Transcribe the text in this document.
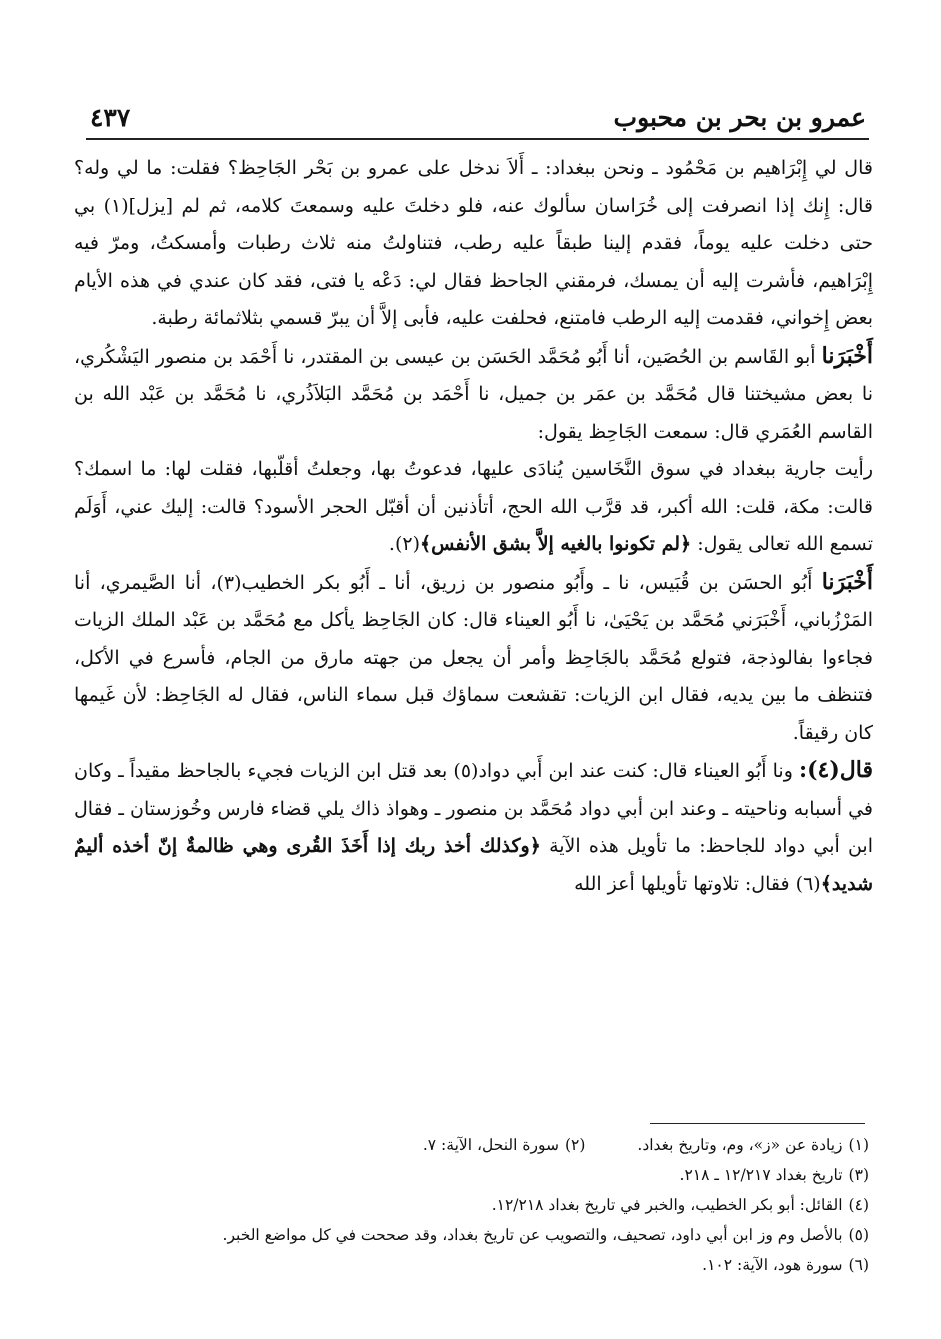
٤٣٧	عمرو بن بحر بن محبوب

قال لي إِبْرَاهيم بن مَحْمُود ـ ونحن ببغداد: ـ أَلاَ ندخل على عمرو بن بَحْر الجَاحِظ؟ فقلت: ما لي وله؟ قال: إِنك إذا انصرفت إلى خُرَاسان سألوك عنه، فلو دخلتَ عليه وسمعتَ كلامه، ثم لم [يزل](١) بي حتى دخلت عليه يوماً، فقدم إلينا طبقاً عليه رطب، فتناولتُ منه ثلاث رطبات وأمسكتُ، ومرّ فيه إِبْرَاهيم، فأشرت إليه أن يمسك، فرمقني الجاحظ فقال لي: دَعْه يا فتى، فقد كان عندي في هذه الأيام بعض إِخواني، فقدمت إليه الرطب فامتنع، فحلفت عليه، فأبى إلاَّ أن يبرّ قسمي بثلاثمائة رطبة.

أَخْبَرَنا أبو القَاسم بن الحُصَين، أنا أَبُو مُحَمَّد الحَسَن بن عيسى بن المقتدر، نا أَحْمَد بن منصور اليَشْكُري، نا بعض مشيختنا قال مُحَمَّد بن عمَر بن جميل، نا أَحْمَد بن مُحَمَّد البَلاَذُري، نا مُحَمَّد بن عَبْد الله بن القاسم العُمَري قال: سمعت الجَاحِظ يقول:

رأيت جارية ببغداد في سوق النَّخَاسين يُنادَى عليها، فدعوتُ بها، وجعلتُ أقلّبها، فقلت لها: ما اسمك؟ قالت: مكة، قلت: الله أكبر، قد قرَّب الله الحج، أتأذنين أن أقبّل الحجر الأسود؟ قالت: إليك عني، أَوَلَم تسمع الله تعالى يقول: ﴿لم تكونوا بالغيه إلاَّ بشق الأنفس﴾(٢).

أَخْبَرَنا أَبُو الحسَن بن قُبَيس، نا ـ وأَبُو منصور بن زريق، أنا ـ أَبُو بكر الخطيب(٣)، أنا الصَّيمري، أنا المَرْزُباني، أَخْبَرَني مُحَمَّد بن يَحْيَىٰ، نا أَبُو العيناء قال: كان الجَاحِظ يأكل مع مُحَمَّد بن عَبْد الملك الزيات فجاءوا بفالوذجة، فتولع مُحَمَّد بالجَاحِظ وأمر أن يجعل من جهته مارق من الجام، فأسرع في الأكل، فتنظف ما بين يديه، فقال ابن الزيات: تقشعت سماؤك قبل سماء الناس، فقال له الجَاحِظ: لأن غَيمها كان رقيقاً.

قال(٤): ونا أَبُو العيناء قال: كنت عند ابن أَبي دواد(٥) بعد قتل ابن الزيات فجيء بالجاحظ مقيداً ـ وكان في أسبابه وناحيته ـ وعند ابن أبي دواد مُحَمَّد بن منصور ـ وهواذ ذاك يلي قضاء فارس وخُوزستان ـ فقال ابن أبي دواد للجاحظ: ما تأويل هذه الآية ﴿وكذلك أخذ ربك إذا أَخَذَ القُرى وهي ظالمةٌ إنّ أخذه أليمٌ شديد﴾(٦) فقال: تلاوتها تأويلها أعز الله

(١)زيادة عن «ز»، وم، وتاريخ بغداد.
(٢)سورة النحل، الآية: ٧.
(٣)
تاريخ بغداد ١٢/٢١٧ ـ ٢١٨.
(٤)
القائل: أبو بكر الخطيب، والخبر في تاريخ بغداد ١٢/٢١٨.
(٥)
بالأصل وم وز ابن أبي داود، تصحيف، والتصويب عن تاريخ بغداد، وقد صححت في كل مواضع الخبر.
(٦)
سورة هود، الآية: ١٠٢.
